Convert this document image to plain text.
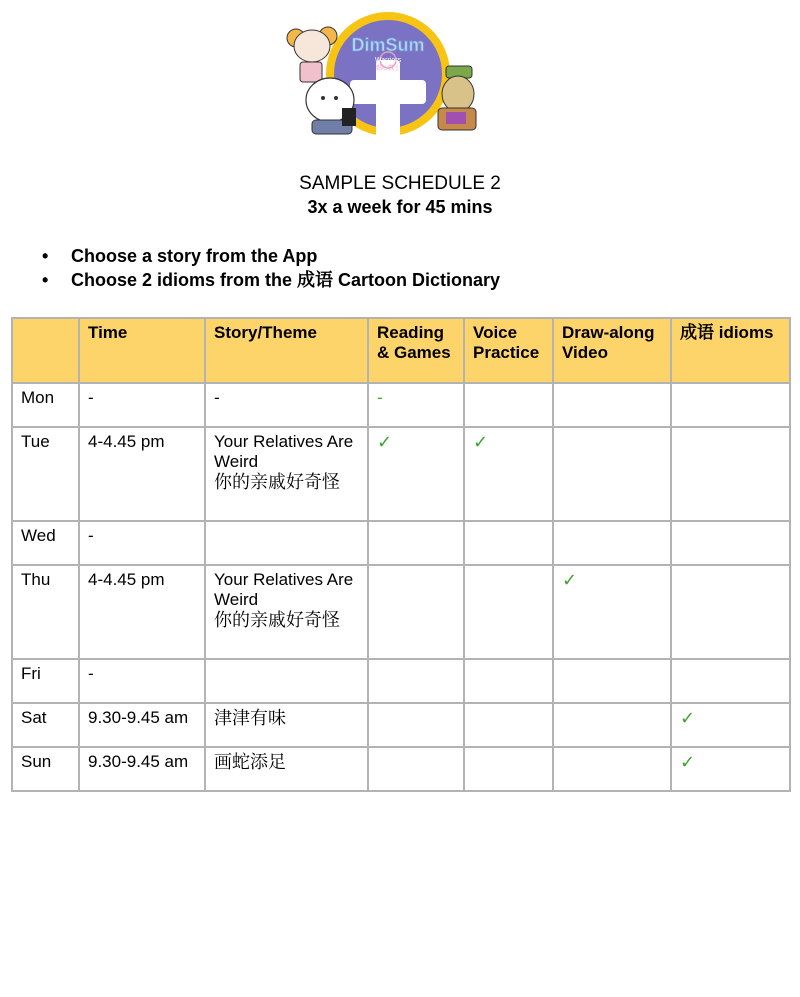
DimSum
Warriors
點心戰士
SAMPLE SCHEDULE 2
3x a week for 45 mins
• Choose a story from the App
• Choose 2 idioms from the 成语 Cartoon Dictionary
	Time	Story/Theme	Reading & Games	Voice Practice	Draw-along Video	成语 idioms
Mon	-	-	-			
Tue	4-4.45 pm	Your Relatives Are Weird
你的亲戚好奇怪	✓	✓		
Wed	-					
Thu	4-4.45 pm	Your Relatives Are Weird
你的亲戚好奇怪			✓	
Fri	-					
Sat	9.30-9.45 am	津津有味				✓
Sun	9.30-9.45 am	画蛇添足				✓
